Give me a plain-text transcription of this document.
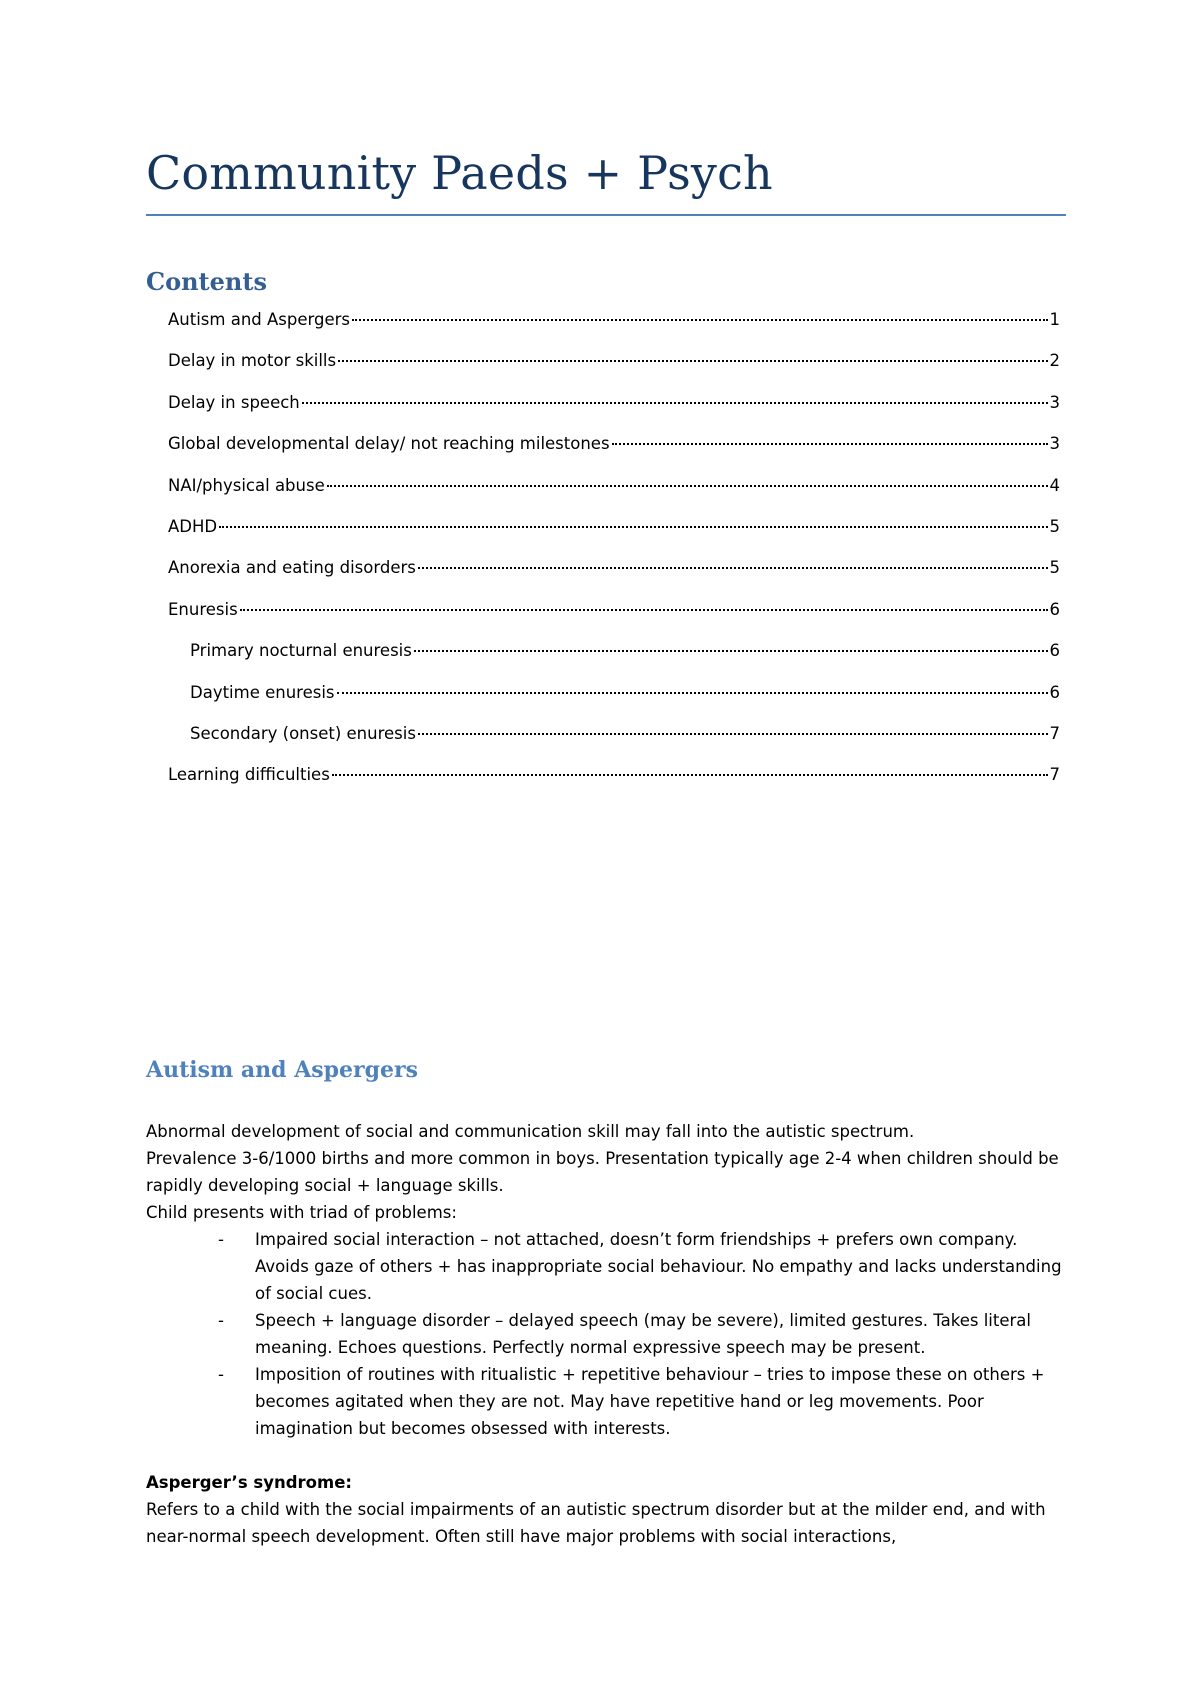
Community Paeds + Psych
Contents
Autism and Aspergers	1
Delay in motor skills	2
Delay in speech	3
Global developmental delay/ not reaching milestones	3
NAI/physical abuse	4
ADHD	5
Anorexia and eating disorders	5
Enuresis	6
Primary nocturnal enuresis	6
Daytime enuresis	6
Secondary (onset) enuresis	7
Learning difficulties	7
Autism and Aspergers

Abnormal development of social and communication skill may fall into the autistic spectrum.

Prevalence 3-6/1000 births and more common in boys. Presentation typically age 2-4 when children should be rapidly developing social + language skills.

Child presents with triad of problems:

- Impaired social interaction – not attached, doesn’t form friendships + prefers own company. Avoids gaze of others + has inappropriate social behaviour. No empathy and lacks understanding of social cues.
- Speech + language disorder – delayed speech (may be severe), limited gestures. Takes literal meaning. Echoes questions. Perfectly normal expressive speech may be present.
- Imposition of routines with ritualistic + repetitive behaviour – tries to impose these on others + becomes agitated when they are not. May have repetitive hand or leg movements. Poor imagination but becomes obsessed with interests.

Asperger’s syndrome:

Refers to a child with the social impairments of an autistic spectrum disorder but at the milder end, and with near-normal speech development. Often still have major problems with social interactions,
